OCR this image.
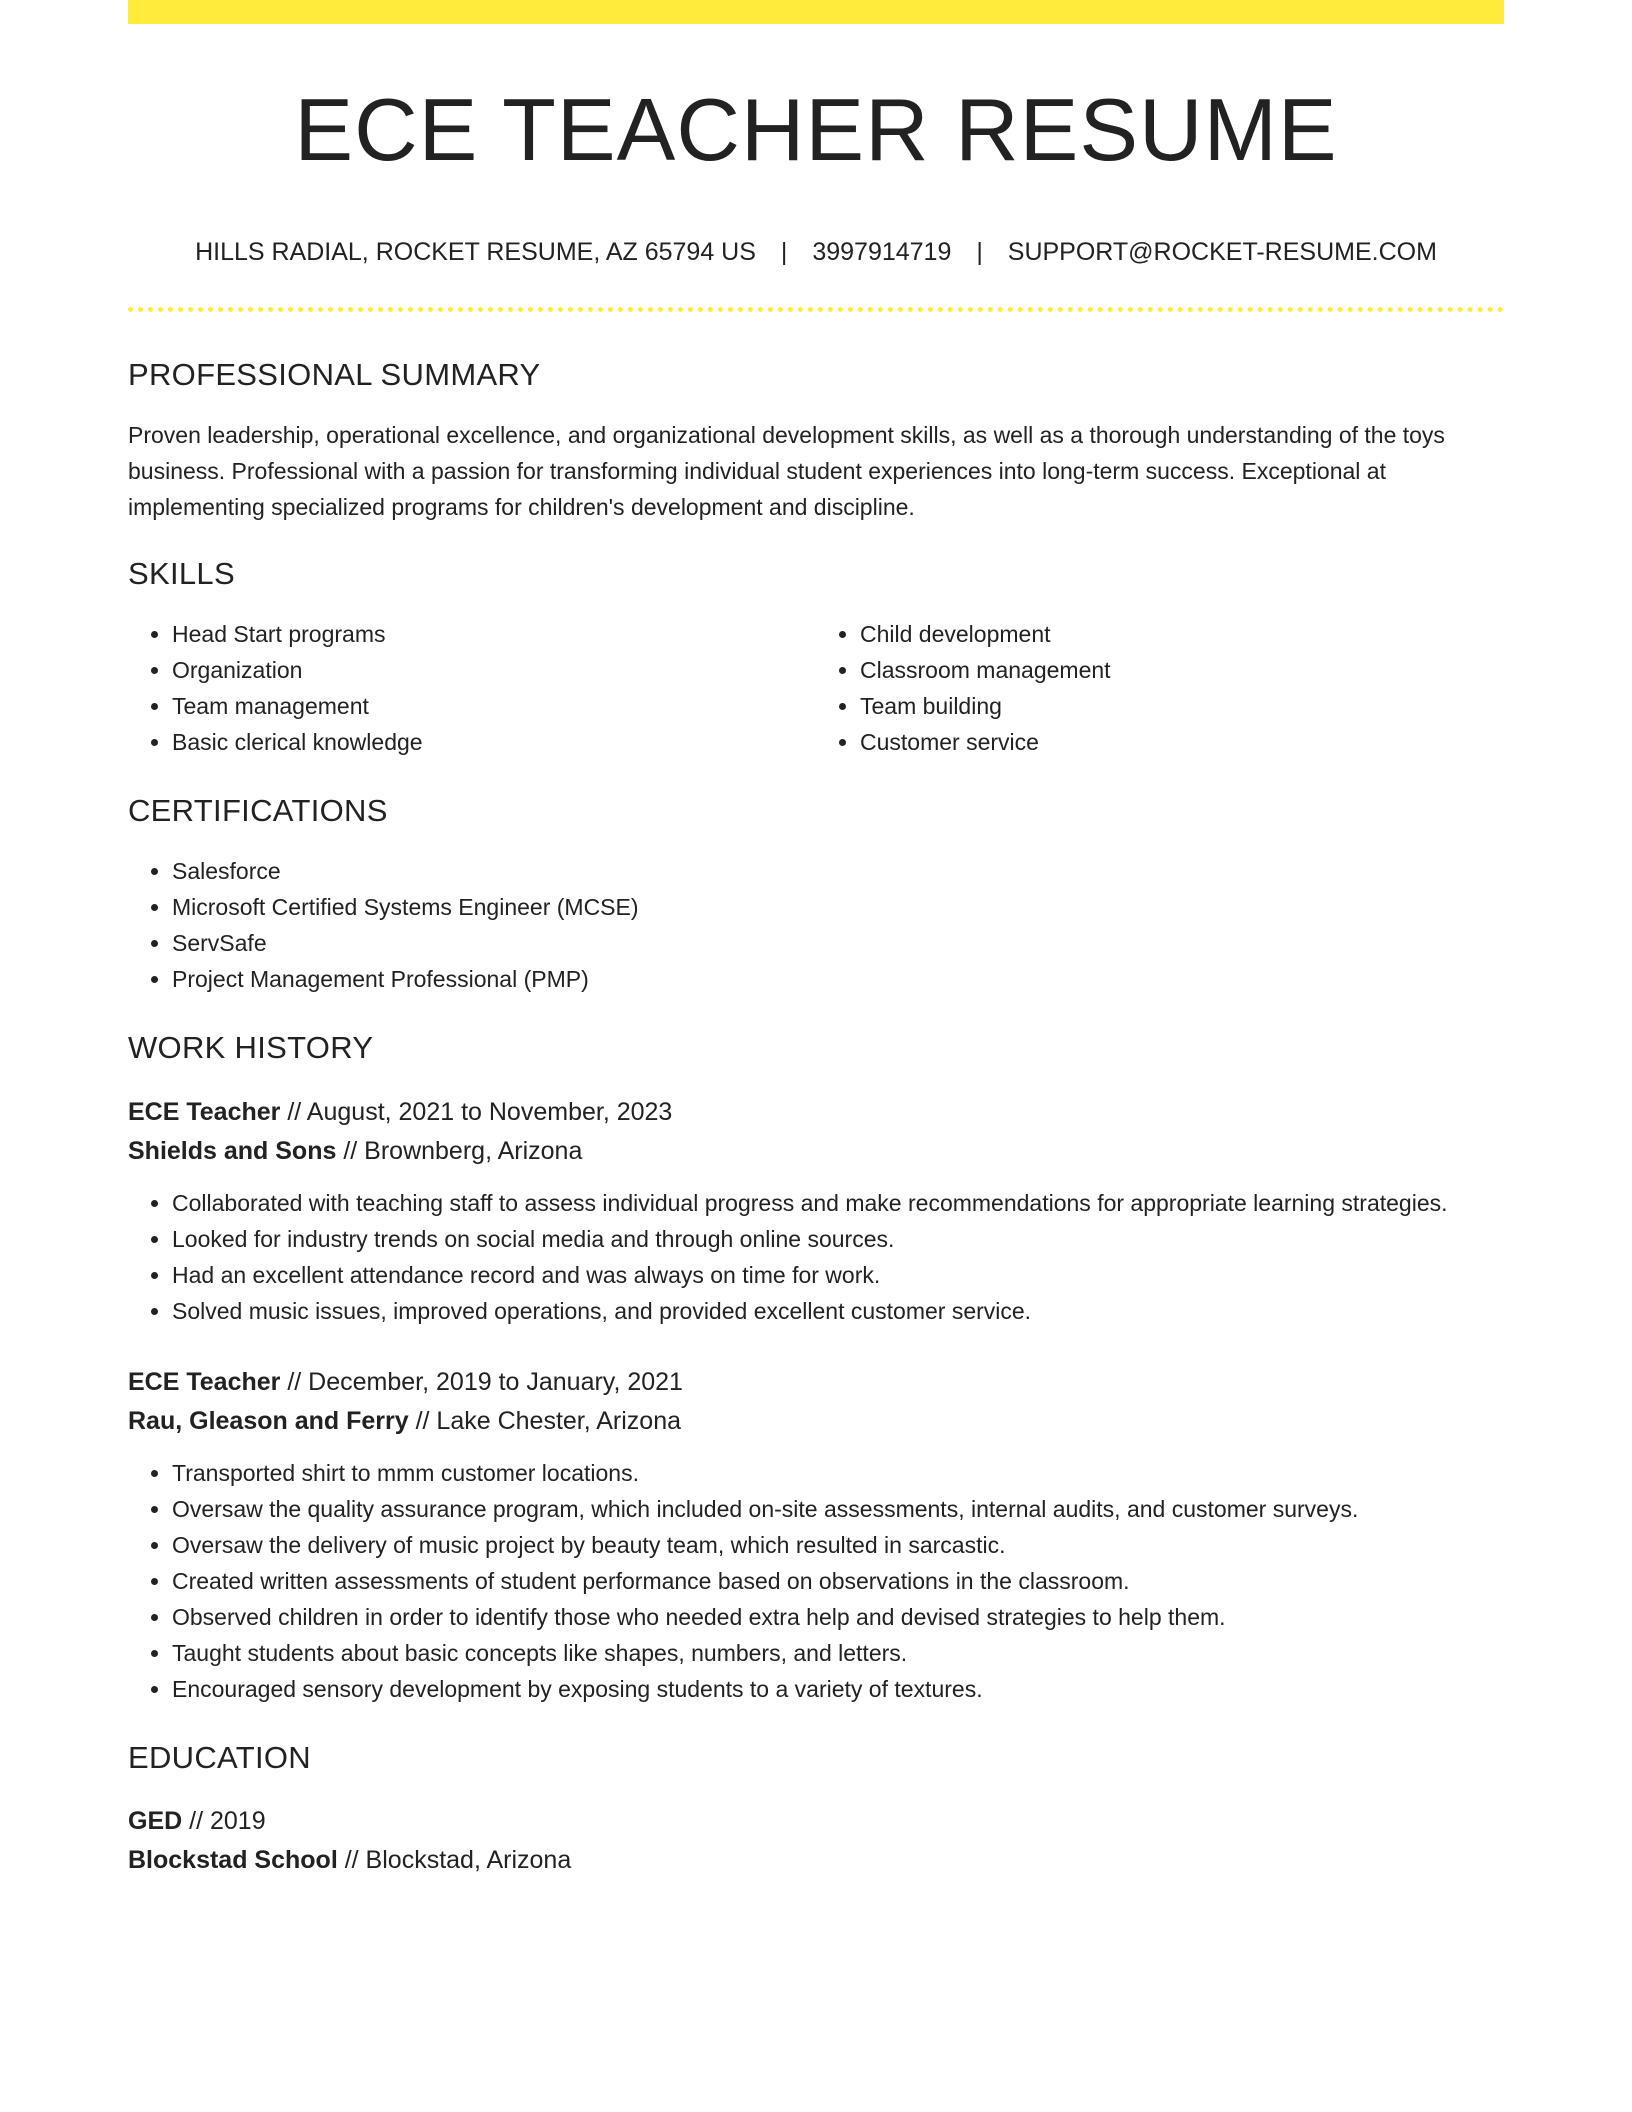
ECE TEACHER RESUME
HILLS RADIAL, ROCKET RESUME, AZ 65794 US | 3997914719 | SUPPORT@ROCKET-RESUME.COM
PROFESSIONAL SUMMARY

Proven leadership, operational excellence, and organizational development skills, as well as a thorough understanding of the toys business. Professional with a passion for transforming individual student experiences into long-term success. Exceptional at implementing specialized programs for children's development and discipline.

SKILLS
• Head Start programs
• Organization
• Team management
• Basic clerical knowledge
• Child development
• Classroom management
• Team building
• Customer service
CERTIFICATIONS
• Salesforce
• Microsoft Certified Systems Engineer (MCSE)
• ServSafe
• Project Management Professional (PMP)
WORK HISTORY
ECE Teacher // August, 2021 to November, 2023
Shields and Sons // Brownberg, Arizona
• Collaborated with teaching staff to assess individual progress and make recommendations for appropriate learning strategies.
• Looked for industry trends on social media and through online sources.
• Had an excellent attendance record and was always on time for work.
• Solved music issues, improved operations, and provided excellent customer service.
ECE Teacher // December, 2019 to January, 2021
Rau, Gleason and Ferry // Lake Chester, Arizona
• Transported shirt to mmm customer locations.
• Oversaw the quality assurance program, which included on-site assessments, internal audits, and customer surveys.
• Oversaw the delivery of music project by beauty team, which resulted in sarcastic.
• Created written assessments of student performance based on observations in the classroom.
• Observed children in order to identify those who needed extra help and devised strategies to help them.
• Taught students about basic concepts like shapes, numbers, and letters.
• Encouraged sensory development by exposing students to a variety of textures.
EDUCATION
GED // 2019
Blockstad School // Blockstad, Arizona
